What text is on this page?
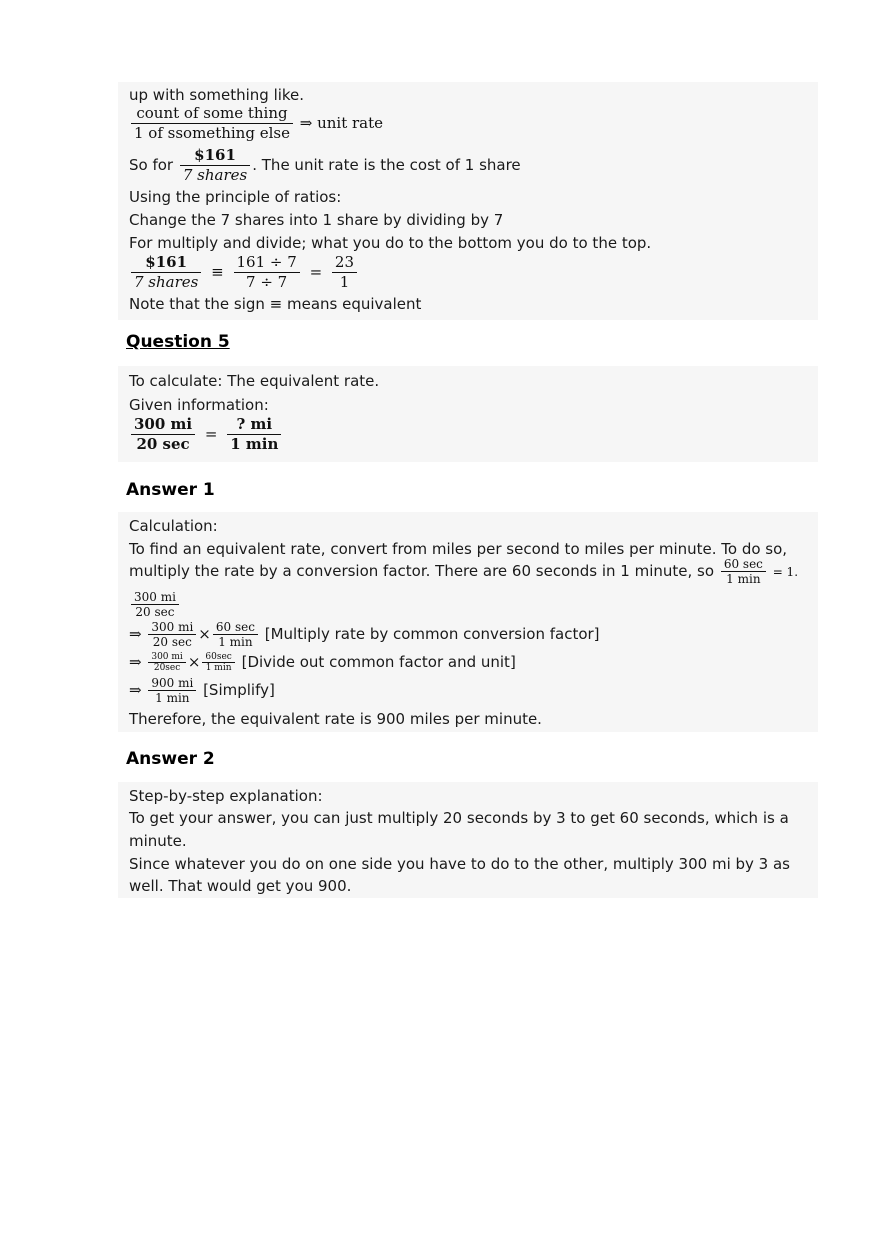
up with something like.
$\frac{\text{count of some thing}}{\text{1 of ssomething else}}$ ⇒ unit rate
So for $\frac{\$161}{\text{7 shares}}$ . The unit rate is the cost of 1 share
Using the principle of ratios:
Change the 7 shares into 1 share by dividing by 7
For multiply and divide; what you do to the bottom you do to the top.
$\frac{\$161}{\text{7 shares}} \equiv \frac{161 \div 7}{7 \div 7} = \frac{23}{1}$
Note that the sign ≡ means equivalent
Question 5
To calculate: The equivalent rate.
Given information:
$\frac{300 mi}{20 \sec} = \frac{? mi}{1 \min}$
Answer 1
Calculation:
To find an equivalent rate, convert from miles per second to miles per minute. To do so,
multiply the rate by a conversion factor. There are 60 seconds in 1 minute, so $\frac{60 \sec}{1 \min} = 1$.
$\frac{300 mi}{20 \sec}$
⇒ $\frac{300 mi}{20 \sec} \times \frac{60 \sec}{1 \min}$ [Multiply rate by common conversion factor]
⇒ $\frac{300 mi}{20\sec} \times \frac{60\sec}{1 \min}$ [Divide out common factor and unit]
⇒ $\frac{900 mi}{1 \min}$ [Simplify]
Therefore, the equivalent rate is 900 miles per minute.
Answer 2
Step-by-step explanation:
To get your answer, you can just multiply 20 seconds by 3 to get 60 seconds, which is a
minute.
Since whatever you do on one side you have to do to the other, multiply 300 mi by 3 as
well. That would get you 900.
